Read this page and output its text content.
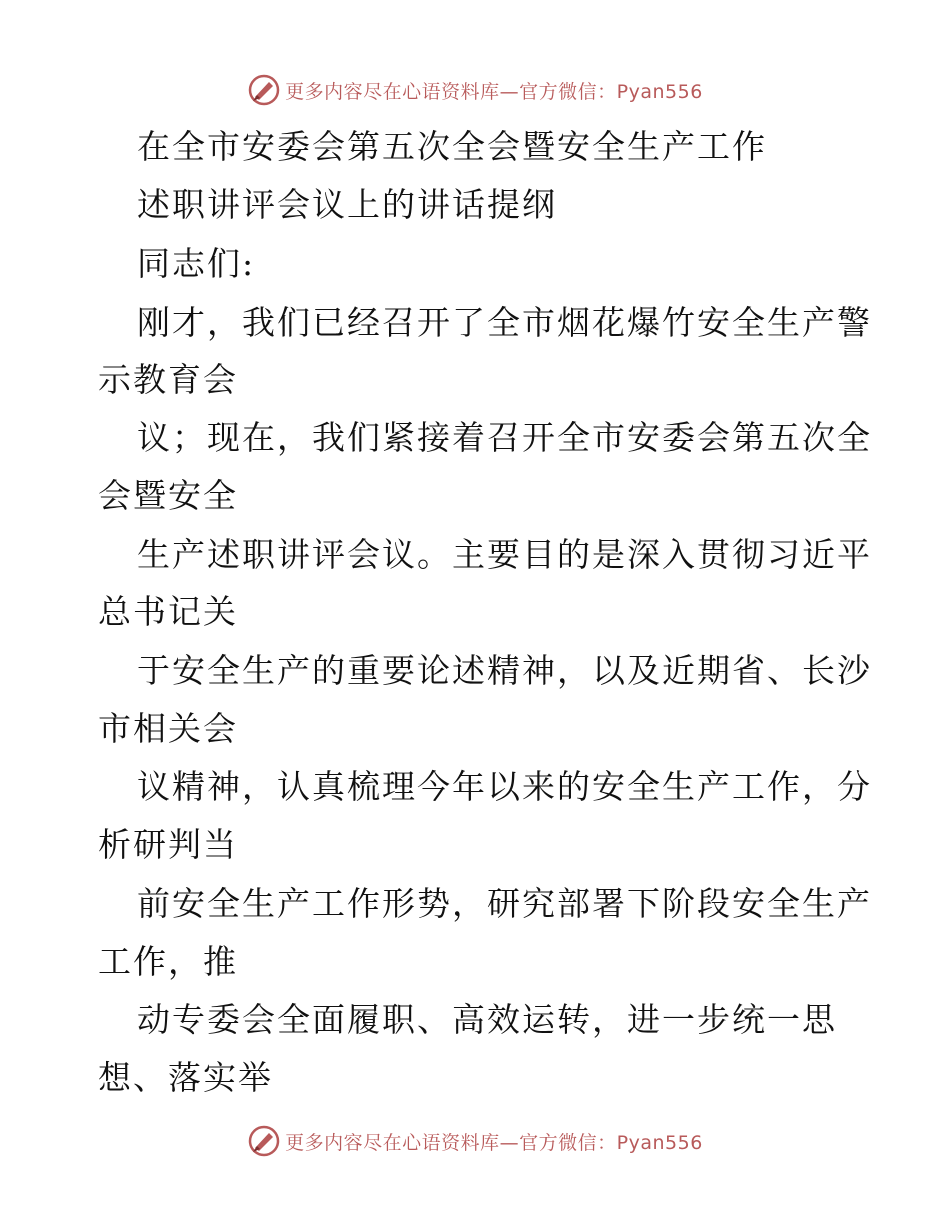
更多内容尽在心语资料库—官方微信：Pyan556
在全市安委会第五次全会暨安全生产工作
述职讲评会议上的讲话提纲
同志们:
刚才，我们已经召开了全市烟花爆竹安全生产警
示教育会
议；现在，我们紧接着召开全市安委会第五次全
会暨安全
生产述职讲评会议。主要目的是深入贯彻习近平
总书记关
于安全生产的重要论述精神，以及近期省、长沙
市相关会
议精神，认真梳理今年以来的安全生产工作，分
析研判当
前安全生产工作形势，研究部署下阶段安全生产
工作，推
动专委会全面履职、高效运转，进一步统一思
想、落实举
更多内容尽在心语资料库—官方微信：Pyan556
